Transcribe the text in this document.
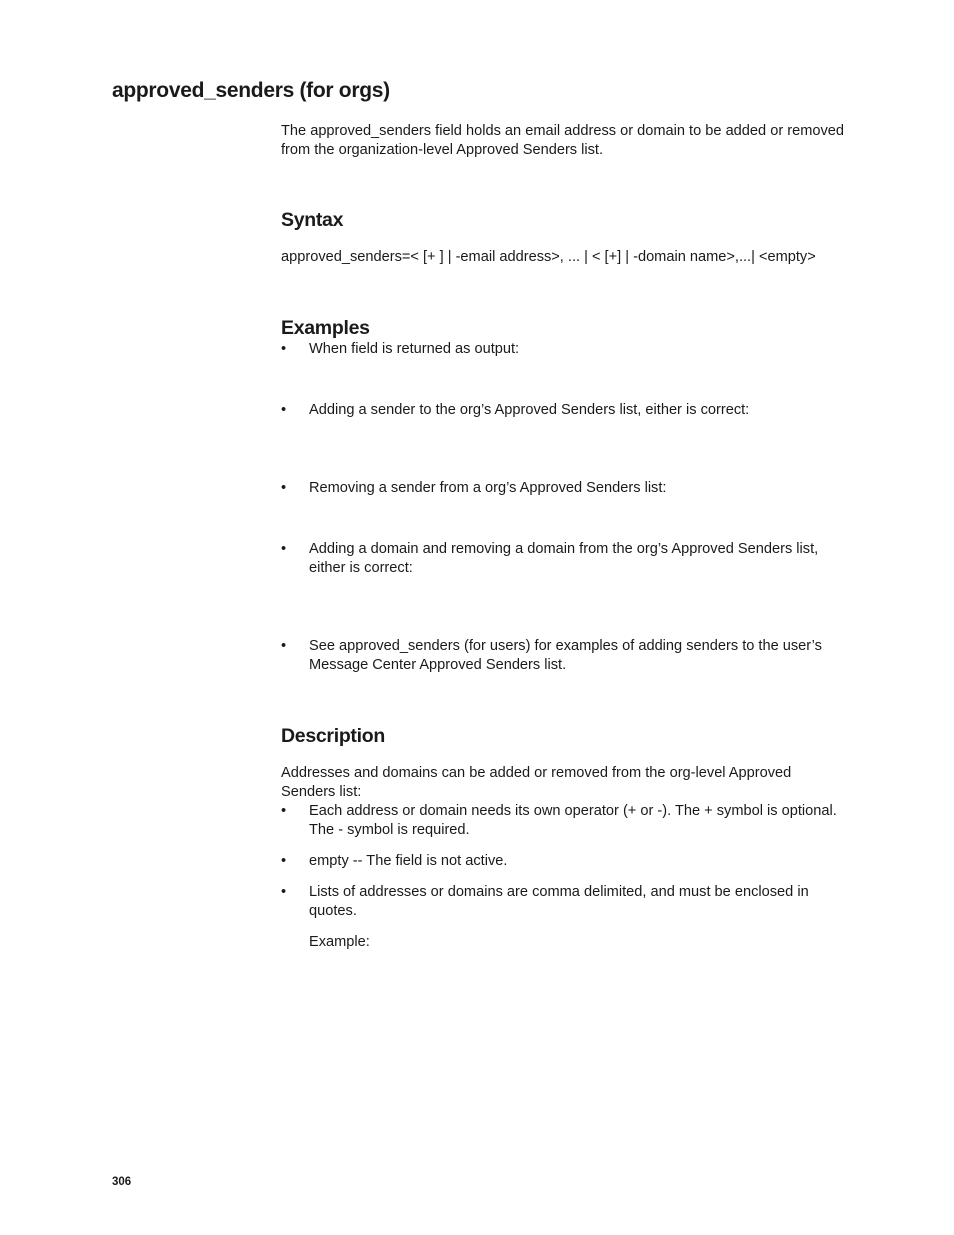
approved_senders (for orgs)

The approved_senders field holds an email address or domain to be added or removed from the organization-level Approved Senders list.

Syntax

approved_senders=< [+ ] | -email address>, ... | < [+] | -domain name>,...| <empty>

Examples
• When field is returned as output:
• Adding a sender to the org’s Approved Senders list, either is correct:
• Removing a sender from a org’s Approved Senders list:
• Adding a domain and removing a domain from the org’s Approved Senders list, either is correct:
• See approved_senders (for users) for examples of adding senders to the user’s Message Center Approved Senders list.
Description

Addresses and domains can be added or removed from the org-level Approved Senders list:

• Each address or domain needs its own operator (+ or -). The + symbol is optional. The - symbol is required.
• empty -- The field is not active.
• Lists of addresses or domains are comma delimited, and must be enclosed in quotes.
Example:
306
